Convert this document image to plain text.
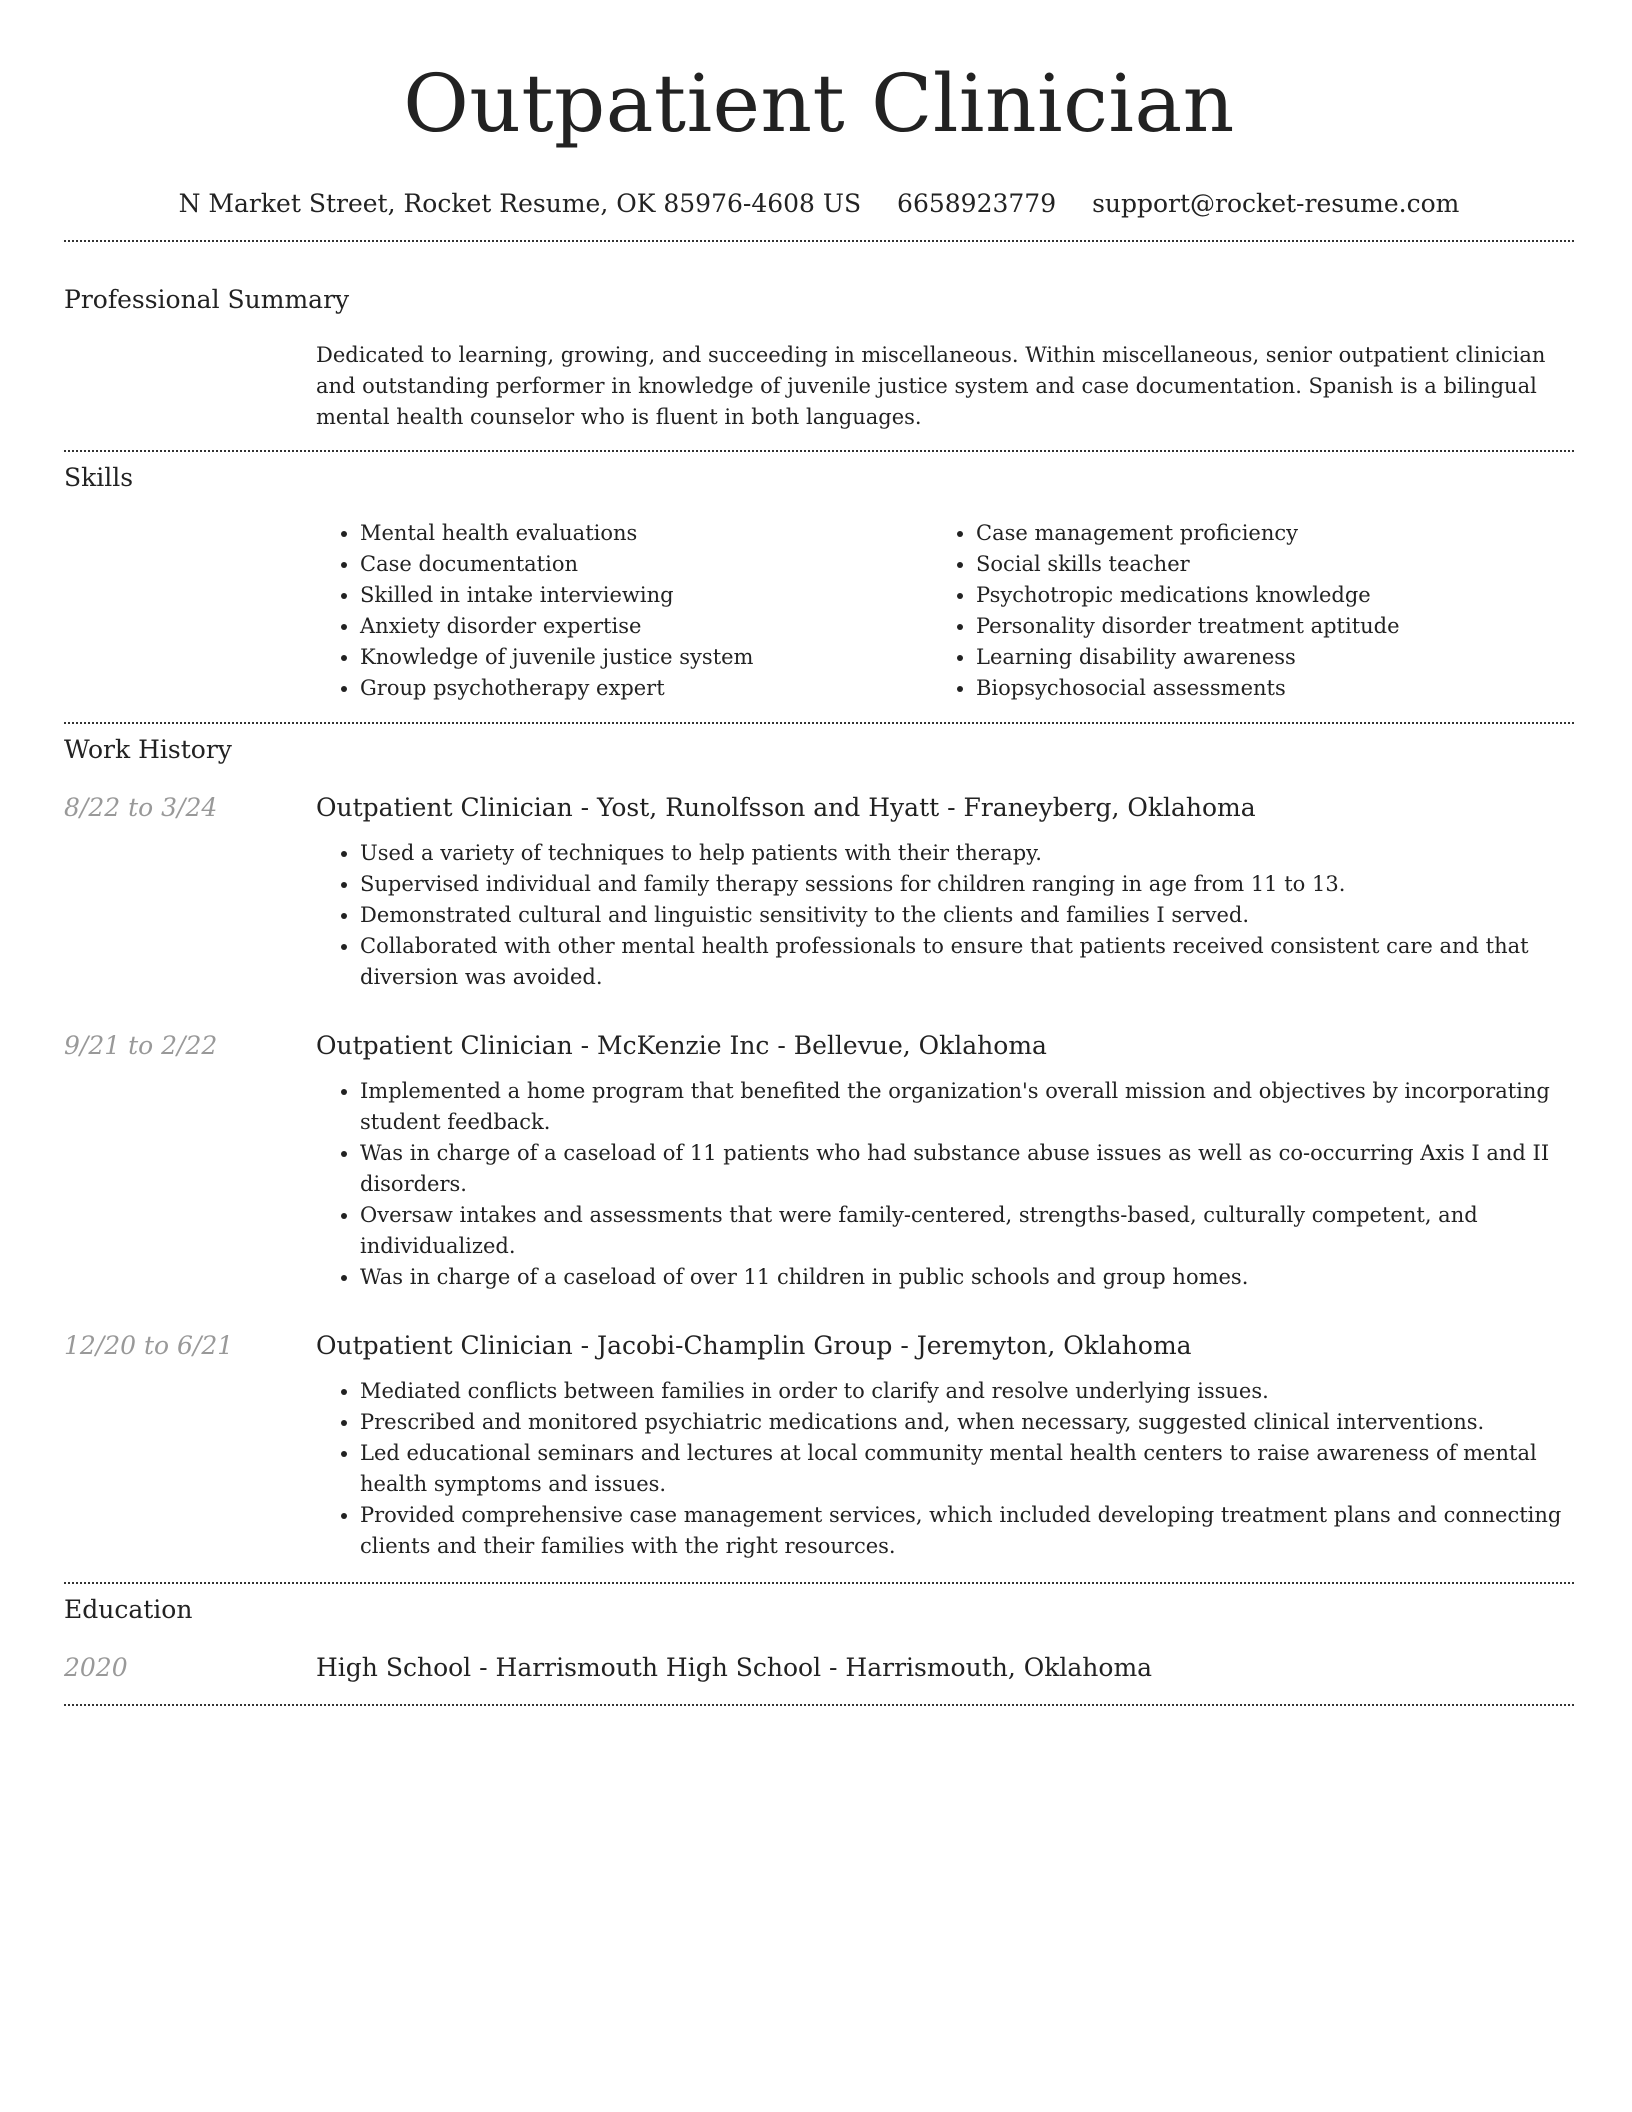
Outpatient Clinician
N Market Street, Rocket Resume, OK 85976-4608 US 6658923779 support@rocket-resume.com
Professional Summary

Dedicated to learning, growing, and succeeding in miscellaneous. Within miscellaneous, senior outpatient clinician and outstanding performer in knowledge of juvenile justice system and case documentation. Spanish is a bilingual mental health counselor who is fluent in both languages.

Skills
• Mental health evaluations
• Case documentation
• Skilled in intake interviewing
• Anxiety disorder expertise
• Knowledge of juvenile justice system
• Group psychotherapy expert
• Case management proficiency
• Social skills teacher
• Psychotropic medications knowledge
• Personality disorder treatment aptitude
• Learning disability awareness
• Biopsychosocial assessments
Work History
8/22 to 3/24	Outpatient Clinician - Yost, Runolfsson and Hyatt - Franeyberg, Oklahoma
• Used a variety of techniques to help patients with their therapy.
• Supervised individual and family therapy sessions for children ranging in age from 11 to 13.
• Demonstrated cultural and linguistic sensitivity to the clients and families I served.
• Collaborated with other mental health professionals to ensure that patients received consistent care and that diversion was avoided.
9/21 to 2/22	Outpatient Clinician - McKenzie Inc - Bellevue, Oklahoma
• Implemented a home program that benefited the organization's overall mission and objectives by incorporating student feedback.
• Was in charge of a caseload of 11 patients who had substance abuse issues as well as co-occurring Axis I and II disorders.
• Oversaw intakes and assessments that were family-centered, strengths-based, culturally competent, and individualized.
• Was in charge of a caseload of over 11 children in public schools and group homes.
12/20 to 6/21	Outpatient Clinician - Jacobi-Champlin Group - Jeremyton, Oklahoma
• Mediated conflicts between families in order to clarify and resolve underlying issues.
• Prescribed and monitored psychiatric medications and, when necessary, suggested clinical interventions.
• Led educational seminars and lectures at local community mental health centers to raise awareness of mental health symptoms and issues.
• Provided comprehensive case management services, which included developing treatment plans and connecting clients and their families with the right resources.
Education
2020	High School - Harrismouth High School - Harrismouth, Oklahoma
